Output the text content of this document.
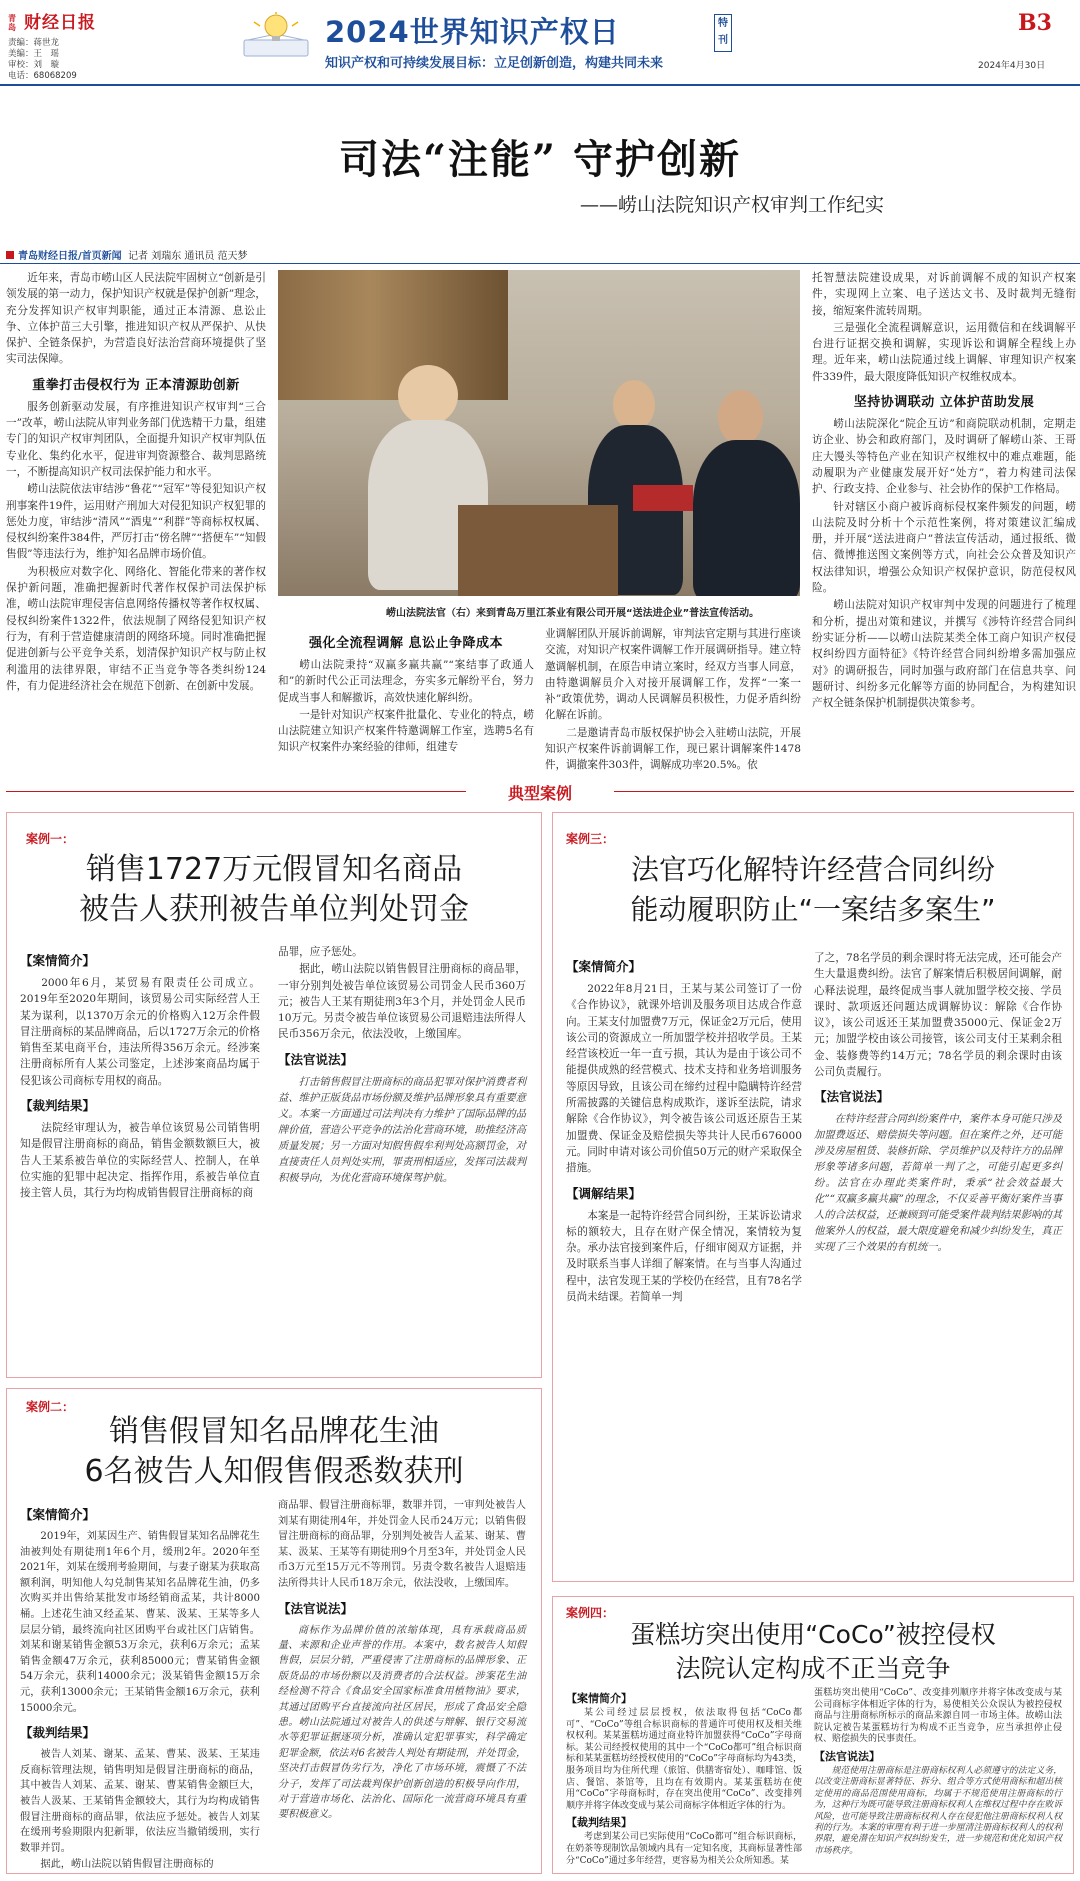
青岛 财经日报
责编：蒋世龙
美编：王　瑶
审校：刘　璇
电话：68068209
2024世界知识产权日	特刊
知识产权和可持续发展目标：立足创新创造，构建共同未来
B3
2024年4月30日
司法“注能” 守护创新
——崂山法院知识产权审判工作纪实
青岛财经日报/首页新闻 记者 刘瑞东 通讯员 范天梦

近年来，青岛市崂山区人民法院牢固树立“创新是引领发展的第一动力，保护知识产权就是保护创新”理念，充分发挥知识产权审判职能，通过正本清源、息讼止争、立体护苗三大引擎，推进知识产权从严保护、从快保护、全链条保护，为营造良好法治营商环境提供了坚实司法保障。

重拳打击侵权行为 正本清源助创新

服务创新驱动发展，有序推进知识产权审判“三合一”改革，崂山法院从审判业务部门优选精干力量，组建专门的知识产权审判团队，全面提升知识产权审判队伍专业化、集约化水平，促进审判资源整合、裁判思路统一，不断提高知识产权司法保护能力和水平。

崂山法院依法审结涉“鲁花”“冠军”等侵犯知识产权刑事案件19件，运用财产刑加大对侵犯知识产权犯罪的惩处力度，审结涉“清风”“酒鬼”“利群”等商标权权属、侵权纠纷案件384件，严厉打击“傍名牌”“搭便车”“知假售假”等违法行为，维护知名品牌市场价值。

为积极应对数字化、网络化、智能化带来的著作权保护新问题，准确把握新时代著作权保护司法保护标准，崂山法院审理侵害信息网络传播权等著作权权属、侵权纠纷案件1322件，依法规制了网络侵犯知识产权行为，有利于营造健康清朗的网络环境。同时准确把握促进创新与公平竞争关系，划清保护知识产权与防止权利滥用的法律界限，审结不正当竞争等各类纠纷124件，有力促进经济社会在规范下创新、在创新中发展。

崂山法院法官（右）来到青岛万里江茶业有限公司开展“送法进企业”普法宣传活动。
强化全流程调解 息讼止争降成本

崂山法院秉持“双赢多赢共赢”“案结事了政通人和”的新时代公正司法理念，夯实多元解纷平台，努力促成当事人和解撤诉，高效快速化解纠纷。

一是针对知识产权案件批量化、专业化的特点，崂山法院建立知识产权案件特邀调解工作室，选聘5名有知识产权案件办案经验的律师，组建专

业调解团队开展诉前调解，审判法官定期与其进行座谈交流，对知识产权案件调解工作开展调研指导。建立特邀调解机制，在原告申请立案时，经双方当事人同意，由特邀调解员介入对接开展调解工作，发挥“一案一补”政策优势，调动人民调解员积极性，力促矛盾纠纷化解在诉前。

二是邀请青岛市版权保护协会入驻崂山法院，开展知识产权案件诉前调解工作，现已累计调解案件1478件，调撤案件303件，调解成功率20.5%。依

托智慧法院建设成果，对诉前调解不成的知识产权案件，实现网上立案、电子送达文书、及时裁判无缝衔接，缩短案件流转周期。

三是强化全流程调解意识，运用微信和在线调解平台进行证据交换和调解，实现诉讼和调解全程线上办理。近年来，崂山法院通过线上调解、审理知识产权案件339件，最大限度降低知识产权维权成本。

坚持协调联动 立体护苗助发展

崂山法院深化“院企互访”和商院联动机制，定期走访企业、协会和政府部门，及时调研了解崂山茶、王哥庄大馒头等特色产业在知识产权维权中的难点难题，能动履职为产业健康发展开好“处方”，着力构建司法保护、行政支持、企业参与、社会协作的保护工作格局。

针对辖区小商户被诉商标侵权案件频发的问题，崂山法院及时分析十个示范性案例，将对策建议汇编成册，并开展“送法进商户”普法宣传活动，通过报纸、微信、微博推送图文案例等方式，向社会公众普及知识产权法律知识，增强公众知识产权保护意识，防范侵权风险。

崂山法院对知识产权审判中发现的问题进行了梳理和分析，提出对策和建议，并撰写《涉特许经营合同纠纷实证分析——以崂山法院某类全体工商户知识产权侵权纠纷四方面特征》《特许经营合同纠纷增多需加强应对》的调研报告，同时加强与政府部门在信息共享、问题研讨、纠纷多元化解等方面的协同配合，为构建知识产权全链条保护机制提供决策参考。

典型案例
案例一：
销售1727万元假冒知名商品
被告人获刑被告单位判处罚金
【案情简介】

2000年6月，某贸易有限责任公司成立。2019年至2020年期间，该贸易公司实际经营人王某为谋利，以1370万余元的价格购入12万余件假冒注册商标的某品牌商品，后以1727万余元的价格销售至某电商平台，违法所得356万余元。经涉案注册商标所有人某公司鉴定，上述涉案商品均属于侵犯该公司商标专用权的商品。

【裁判结果】

法院经审理认为，被告单位该贸易公司销售明知是假冒注册商标的商品，销售金额数额巨大，被告人王某系被告单位的实际经营人、控制人，在单位实施的犯罪中起决定、指挥作用，系被告单位直接主管人员，其行为均构成销售假冒注册商标的商

品罪，应予惩处。

据此，崂山法院以销售假冒注册商标的商品罪，一审分别判处被告单位该贸易公司罚金人民币360万元；被告人王某有期徒刑3年3个月，并处罚金人民币10万元。另责令被告单位该贸易公司退赔违法所得人民币356万余元，依法没收，上缴国库。

【法官说法】

打击销售假冒注册商标的商品犯罪对保护消费者利益、维护正版货品市场份额及维护品牌形象具有重要意义。本案一方面通过司法判决有力维护了国际品牌的品牌价值，营造公平竞争的法治化营商环境，助推经济高质量发展；另一方面对知假售假牟利判处高额罚金，对直接责任人员判处实刑，罪责刑相适应，发挥司法裁判积极导向，为优化营商环境保驾护航。

案例二：
销售假冒知名品牌花生油
6名被告人知假售假悉数获刑
【案情简介】

2019年，刘某因生产、销售假冒某知名品牌花生油被判处有期徒刑1年6个月，缓刑2年。2020年至2021年，刘某在缓刑考验期间，与妻子谢某为获取高额利润，明知他人勾兑制售某知名品牌花生油，仍多次购买并出售给某批发市场经销商孟某，共计8000桶。上述花生油又经孟某、曹某、汲某、王某等多人层层分销，最终流向社区团购平台或社区门店销售。刘某和谢某销售金额53万余元，获利6万余元；孟某销售金额47万余元，获利85000元；曹某销售金额54万余元，获利14000余元；汲某销售金额15万余元，获利13000余元；王某销售金额16万余元，获利15000余元。

【裁判结果】

被告人刘某、谢某、孟某、曹某、汲某、王某违反商标管理法规，销售明知是假冒注册商标的商品，其中被告人刘某、孟某、谢某、曹某销售金额巨大，被告人汲某、王某销售金额较大，其行为均构成销售假冒注册商标的商品罪，依法应予惩处。被告人刘某在缓刑考验期限内犯新罪，依法应当撤销缓刑，实行数罪并罚。

据此，崂山法院以销售假冒注册商标的

商品罪、假冒注册商标罪，数罪并罚，一审判处被告人刘某有期徒刑4年，并处罚金人民币24万元；以销售假冒注册商标的商品罪，分别判处被告人孟某、谢某、曹某、汲某、王某等有期徒刑9个月至3年，并处罚金人民币3万元至15万元不等刑罚。另责令数名被告人退赔违法所得共计人民币18万余元，依法没收，上缴国库。

【法官说法】

商标作为品牌价值的浓缩体现，具有承载商品质量、来源和企业声誉的作用。本案中，数名被告人知假售假，层层分销，严重侵害了注册商标的品牌形象、正版货品的市场份额以及消费者的合法权益。涉案花生油经检测不符合《食品安全国家标准食用植物油》要求，其通过团购平台直接流向社区居民，形成了食品安全隐患。崂山法院通过对被告人的供述与辩解、银行交易流水等犯罪证据逐项分析，准确认定犯罪事实，科学确定犯罪金额，依法对6名被告人判处有期徒刑，并处罚金，坚决打击假冒伪劣行为，净化了市场环境，震慑了不法分子，发挥了司法裁判保护创新创造的积极导向作用，对于营造市场化、法治化、国际化一流营商环境具有重要积极意义。

案例三：
法官巧化解特许经营合同纠纷
能动履职防止“一案结多案生”
【案情简介】

2022年8月21日，王某与某公司签订了一份《合作协议》，就课外培训及服务项目达成合作意向。王某支付加盟费7万元，保证金2万元后，使用该公司的资源成立一所加盟学校并招收学员。王某经营该校近一年一直亏损，其认为是由于该公司不能提供成熟的经营模式、技术支持和业务培训服务等原因导致，且该公司在缔约过程中隐瞒特许经营所需披露的关键信息构成欺诈，遂诉至法院，请求解除《合作协议》，判令被告该公司返还原告王某加盟费、保证金及赔偿损失等共计人民币676000元。同时申请对该公司价值50万元的财产采取保全措施。

【调解结果】

本案是一起特许经营合同纠纷，王某诉讼请求标的额较大，且存在财产保全情况，案情较为复杂。承办法官接到案件后，仔细审阅双方证据，并及时联系当事人详细了解案情。在与当事人沟通过程中，法官发现王某的学校仍在经营，且有78名学员尚未结课。若简单一判

了之，78名学员的剩余课时将无法完成，还可能会产生大量退费纠纷。法官了解案情后积极居间调解，耐心释法说理，最终促成当事人就加盟学校交接、学员课时、款项返还问题达成调解协议：解除《合作协议》，该公司返还王某加盟费35000元、保证金2万元；加盟学校由该公司接管，该公司支付王某剩余租金、装修费等约14万元；78名学员的剩余课时由该公司负责履行。

【法官说法】

在特许经营合同纠纷案件中，案件本身可能只涉及加盟费返还、赔偿损失等问题。但在案件之外，还可能涉及房屋租赁、装修折除、学员维护以及特许方的品牌形象等诸多问题，若简单一判了之，可能引起更多纠纷。法官在办理此类案件时，秉承“社会效益最大化”“双赢多赢共赢”的理念，不仅妥善平衡好案件当事人的合法权益，还兼顾到可能受案件裁判结果影响的其他案外人的权益，最大限度避免和减少纠纷发生，真正实现了三个效果的有机统一。

案例四：
蛋糕坊突出使用“CoCo”被控侵权
法院认定构成不正当竞争
【案情简介】

某公司经过层层授权，依法取得包括“CoCo都可”、“CoCo”等组合标识商标的普通许可使用权及相关维权权利。某某蛋糕坊通过商业特许加盟获得“CoCo”字母商标。某公司经授权使用的其中一个“CoCo都可”组合标识商标和某某蛋糕坊经授权使用的“CoCo”字母商标均为43类，服务项目均为住所代理（旅馆、供膳寄宿处）、咖啡馆、饭店、餐馆、茶馆等，且均在有效期内。某某蛋糕坊在使用“CoCo”字母商标时，存在突出使用“CoCo”、改变排列顺序并将字体改变成与某公司商标字体相近字体的行为。

【裁判结果】

考虑到某公司已实际使用“CoCo都可”组合标识商标，在奶茶等现制饮品领域内具有一定知名度，其商标显著性部分“CoCo”通过多年经营，更容易为相关公众所知悉。某

蛋糕坊突出使用“CoCo”、改变排列顺序并将字体改变成与某公司商标字体相近字体的行为，易使相关公众误认为被控侵权商品与注册商标所标示的商品来源自同一市场主体。故崂山法院认定被告某蛋糕坊行为构成不正当竞争，应当承担停止侵权、赔偿损失的民事责任。

【法官说法】

规范使用注册商标是注册商标权利人必须遵守的法定义务，以改变注册商标显著特征、拆分、组合等方式使用商标和超出核定使用的商品范围使用商标，均属于不规范使用注册商标的行为，这种行为既可能导致注册商标权利人在维权过程中存在败诉风险，也可能导致注册商标权利人存在侵犯他注册商标权利人权利的行为。本案的审理有利于进一步厘清注册商标权利人的权利界限，避免潜在知识产权纠纷发生，进一步规范和优化知识产权市场秩序。
